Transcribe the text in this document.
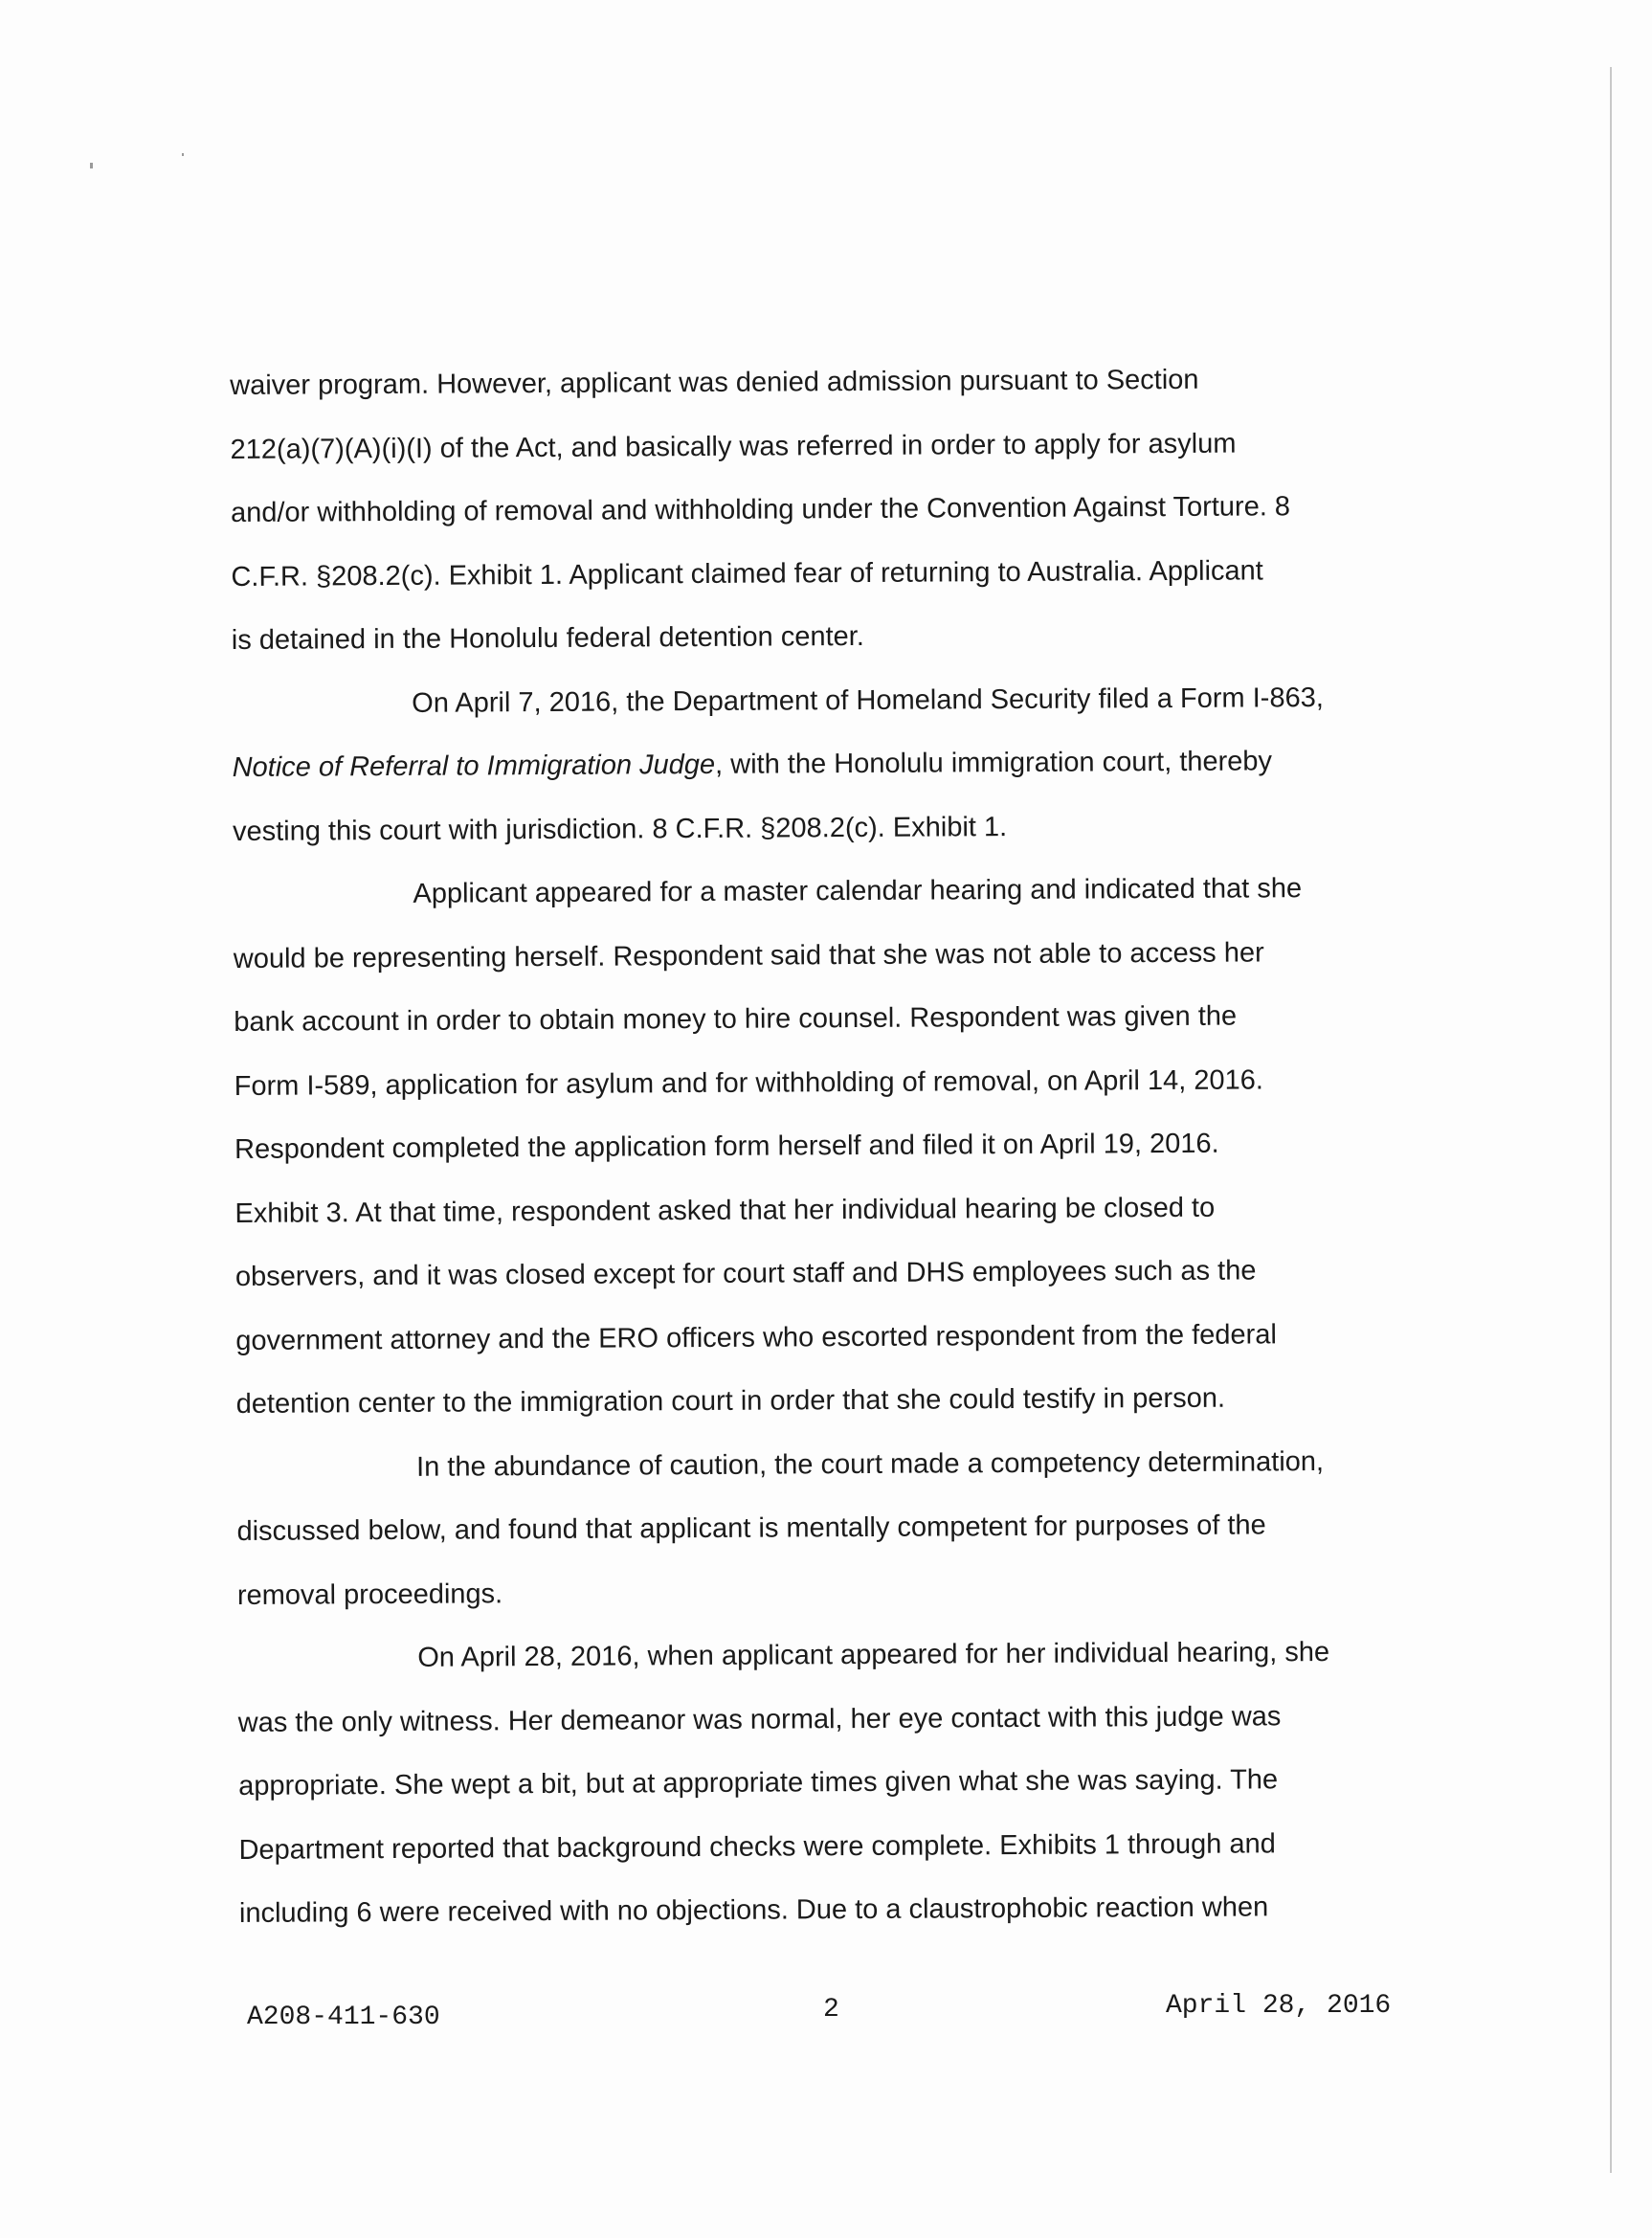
waiver program. However, applicant was denied admission pursuant to Section
212(a)(7)(A)(i)(I) of the Act, and basically was referred in order to apply for asylum
and/or withholding of removal and withholding under the Convention Against Torture. 8
C.F.R. §208.2(c). Exhibit 1. Applicant claimed fear of returning to Australia. Applicant
is detained in the Honolulu federal detention center.

On April 7, 2016, the Department of Homeland Security filed a Form I-863,
Notice of Referral to Immigration Judge, with the Honolulu immigration court, thereby
vesting this court with jurisdiction. 8 C.F.R. §208.2(c). Exhibit 1.

Applicant appeared for a master calendar hearing and indicated that she
would be representing herself. Respondent said that she was not able to access her
bank account in order to obtain money to hire counsel. Respondent was given the
Form I-589, application for asylum and for withholding of removal, on April 14, 2016.
Respondent completed the application form herself and filed it on April 19, 2016.
Exhibit 3. At that time, respondent asked that her individual hearing be closed to
observers, and it was closed except for court staff and DHS employees such as the
government attorney and the ERO officers who escorted respondent from the federal
detention center to the immigration court in order that she could testify in person.

In the abundance of caution, the court made a competency determination,
discussed below, and found that applicant is mentally competent for purposes of the
removal proceedings.

On April 28, 2016, when applicant appeared for her individual hearing, she
was the only witness. Her demeanor was normal, her eye contact with this judge was
appropriate. She wept a bit, but at appropriate times given what she was saying. The
Department reported that background checks were complete. Exhibits 1 through and
including 6 were received with no objections. Due to a claustrophobic reaction when

A208-411-630	2	April 28, 2016
